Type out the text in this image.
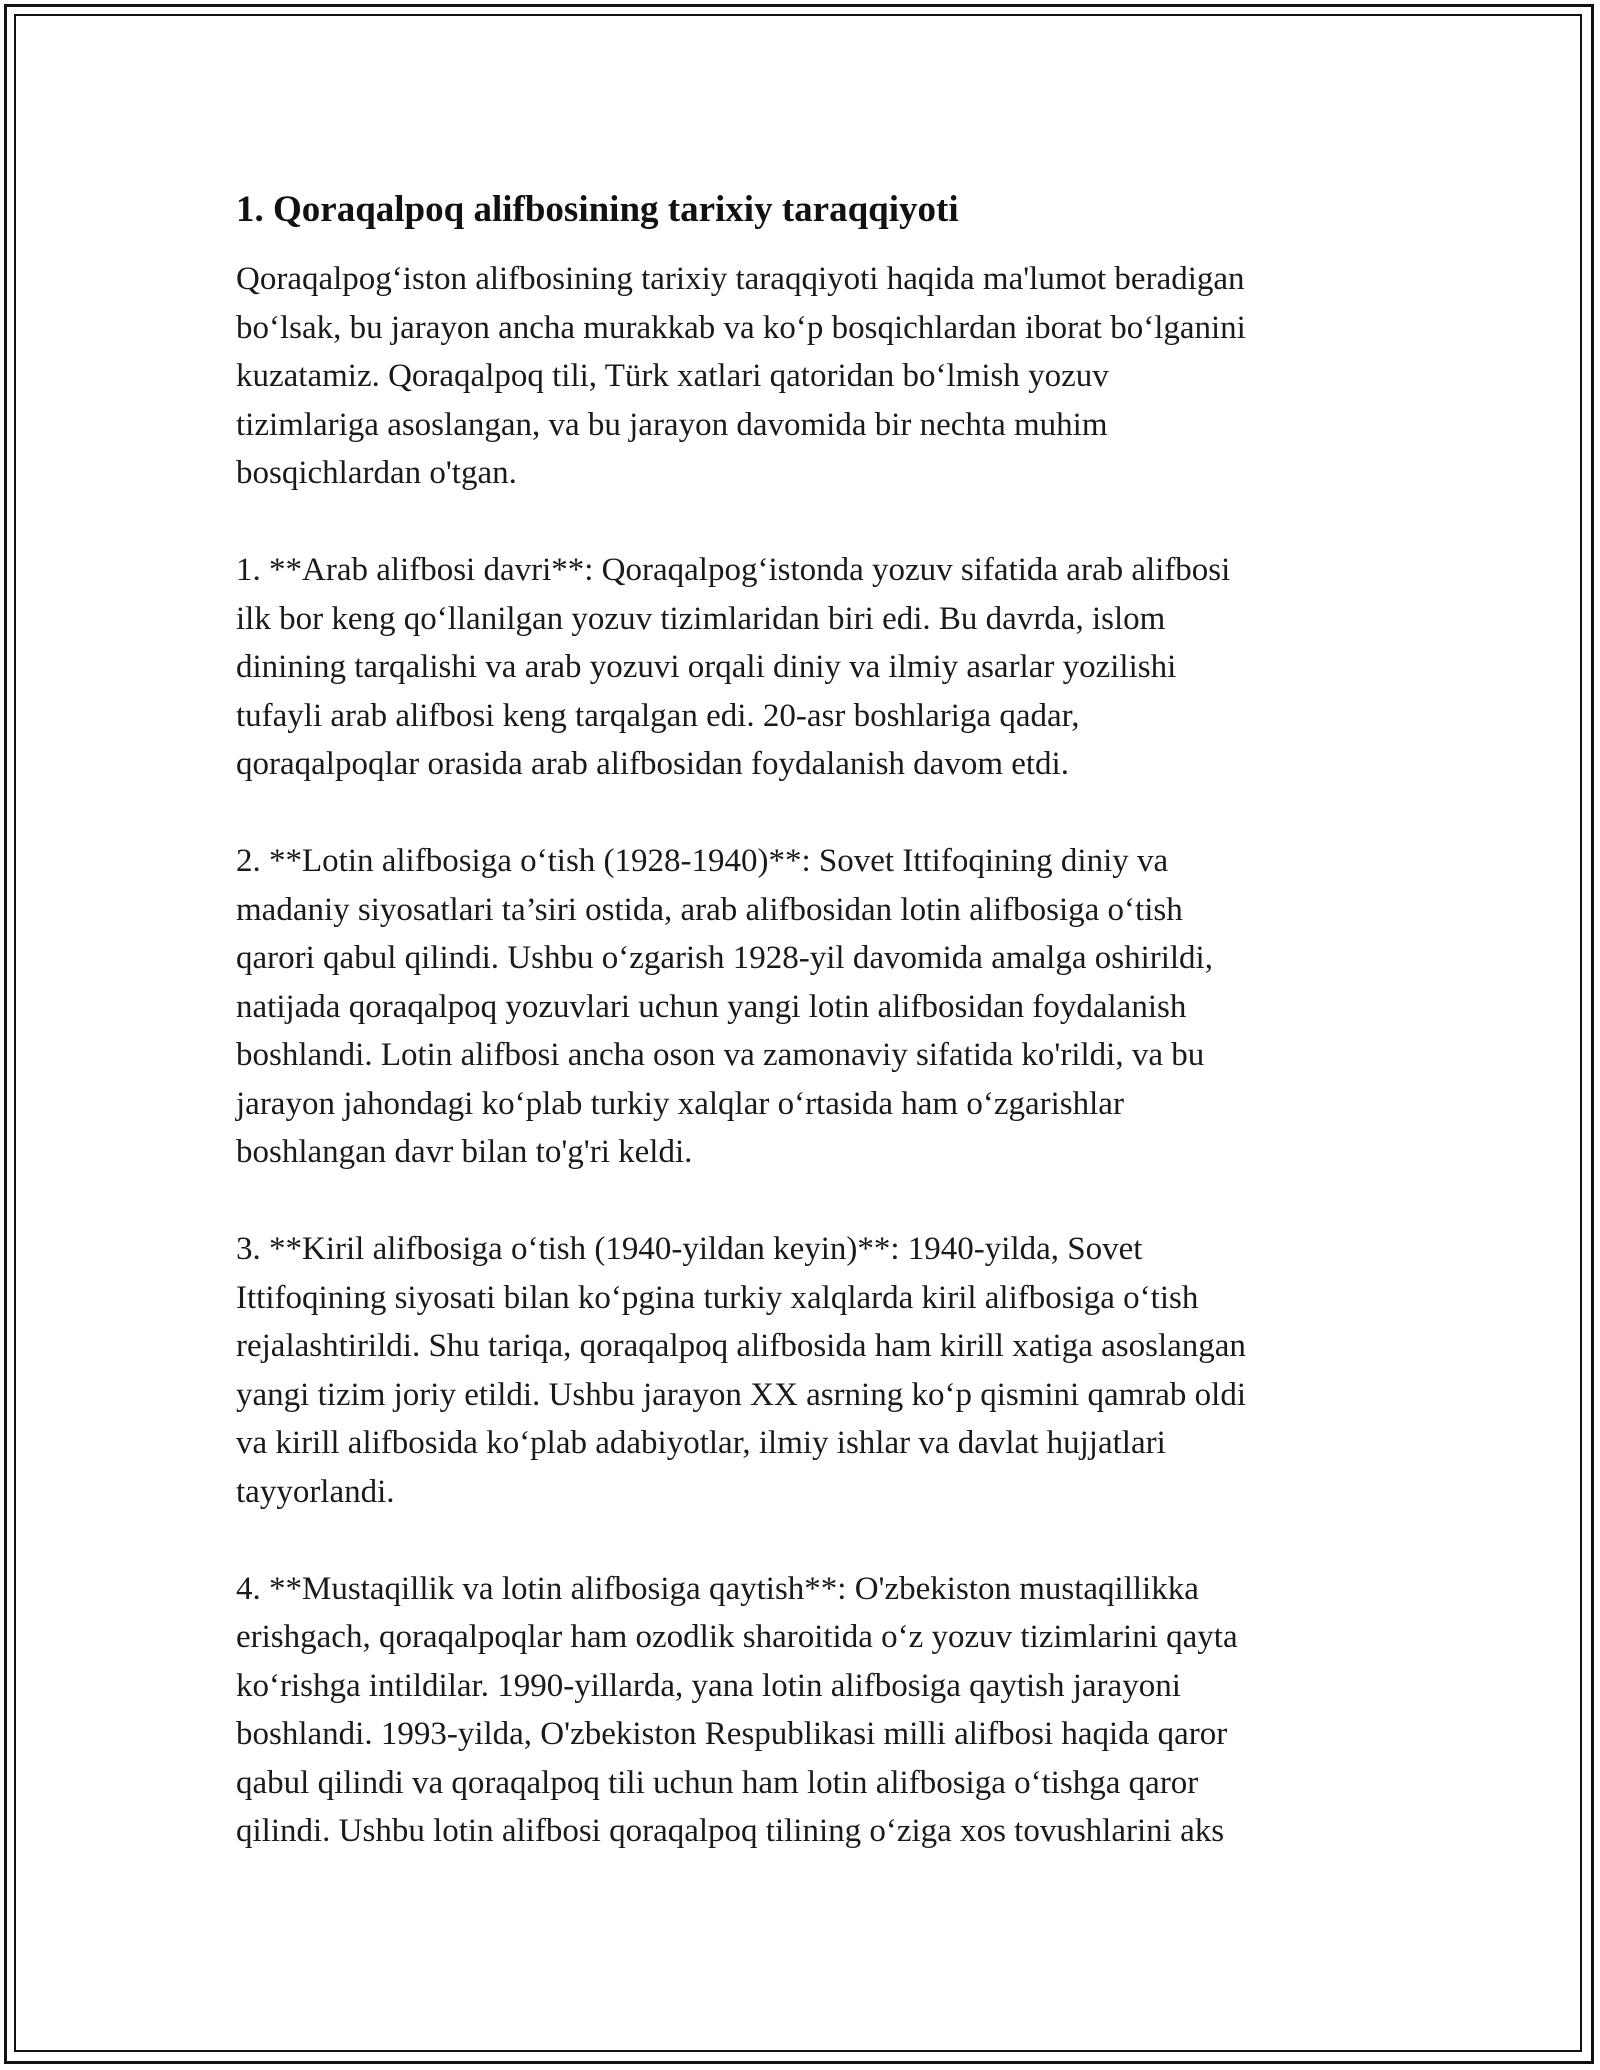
1. Qoraqalpoq alifbosining tarixiy taraqqiyoti

Qoraqalpog‘iston alifbosining tarixiy taraqqiyoti haqida ma'lumot beradigan
bo‘lsak, bu jarayon ancha murakkab va ko‘p bosqichlardan iborat bo‘lganini
kuzatamiz. Qoraqalpoq tili, Türk xatlari qatoridan bo‘lmish yozuv
tizimlariga asoslangan, va bu jarayon davomida bir nechta muhim
bosqichlardan o'tgan.

1. **Arab alifbosi davri**: Qoraqalpog‘istonda yozuv sifatida arab alifbosi
ilk bor keng qo‘llanilgan yozuv tizimlaridan biri edi. Bu davrda, islom
dinining tarqalishi va arab yozuvi orqali diniy va ilmiy asarlar yozilishi
tufayli arab alifbosi keng tarqalgan edi. 20-asr boshlariga qadar,
qoraqalpoqlar orasida arab alifbosidan foydalanish davom etdi.

2. **Lotin alifbosiga o‘tish (1928-1940)**: Sovet Ittifoqining diniy va
madaniy siyosatlari ta’siri ostida, arab alifbosidan lotin alifbosiga o‘tish
qarori qabul qilindi. Ushbu o‘zgarish 1928-yil davomida amalga oshirildi,
natijada qoraqalpoq yozuvlari uchun yangi lotin alifbosidan foydalanish
boshlandi. Lotin alifbosi ancha oson va zamonaviy sifatida ko'rildi, va bu
jarayon jahondagi ko‘plab turkiy xalqlar o‘rtasida ham o‘zgarishlar
boshlangan davr bilan to'g'ri keldi.

3. **Kiril alifbosiga o‘tish (1940-yildan keyin)**: 1940-yilda, Sovet
Ittifoqining siyosati bilan ko‘pgina turkiy xalqlarda kiril alifbosiga o‘tish
rejalashtirildi. Shu tariqa, qoraqalpoq alifbosida ham kirill xatiga asoslangan
yangi tizim joriy etildi. Ushbu jarayon XX asrning ko‘p qismini qamrab oldi
va kirill alifbosida ko‘plab adabiyotlar, ilmiy ishlar va davlat hujjatlari
tayyorlandi.

4. **Mustaqillik va lotin alifbosiga qaytish**: O'zbekiston mustaqillikka
erishgach, qoraqalpoqlar ham ozodlik sharoitida o‘z yozuv tizimlarini qayta
ko‘rishga intildilar. 1990-yillarda, yana lotin alifbosiga qaytish jarayoni
boshlandi. 1993-yilda, O'zbekiston Respublikasi milli alifbosi haqida qaror
qabul qilindi va qoraqalpoq tili uchun ham lotin alifbosiga o‘tishga qaror
qilindi. Ushbu lotin alifbosi qoraqalpoq tilining o‘ziga xos tovushlarini aks
